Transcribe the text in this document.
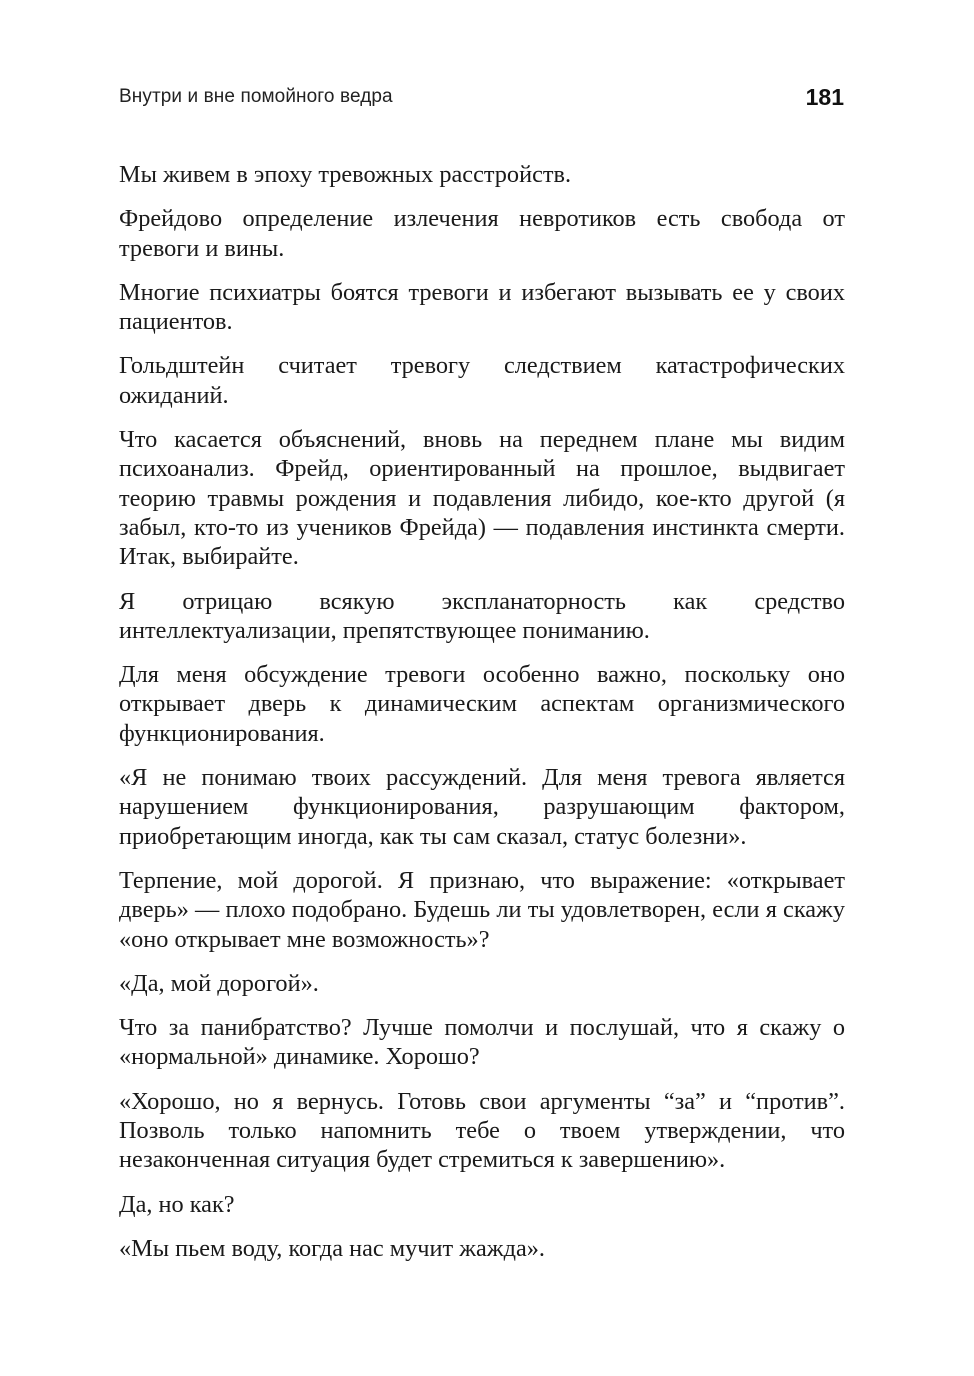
Внутри и вне помойного ведра	181

Мы живем в эпоху тревожных расстройств.

Фрейдово определение излечения невротиков есть свобода от тревоги и вины.

Многие психиатры боятся тревоги и избегают вызывать ее у своих пациентов.

Гольдштейн считает тревогу следствием катастрофических ожиданий.

Что касается объяснений, вновь на переднем плане мы видим психоанализ. Фрейд, ориентированный на прошлое, выдвигает теорию травмы рождения и подавления либидо, кое-кто другой (я забыл, кто-то из учеников Фрейда) — подавления инстинкта смерти. Итак, выбирайте.

Я отрицаю всякую экспланаторность как средство интеллектуализации, препятствующее пониманию.

Для меня обсуждение тревоги особенно важно, поскольку оно открывает дверь к динамическим аспектам организмического функционирования.

«Я не понимаю твоих рассуждений. Для меня тревога является нарушением функционирования, разрушающим фактором, приобретающим иногда, как ты сам сказал, статус болезни».

Терпение, мой дорогой. Я признаю, что выражение: «открывает дверь» — плохо подобрано. Будешь ли ты удовлетворен, если я скажу «оно открывает мне возможность»?

«Да, мой дорогой».

Что за панибратство? Лучше помолчи и послушай, что я скажу о «нормальной» динамике. Хорошо?

«Хорошо, но я вернусь. Готовь свои аргументы “за” и “против”. Позволь только напомнить тебе о твоем утверждении, что незаконченная ситуация будет стремиться к завершению».

Да, но как?

«Мы пьем воду, когда нас мучит жажда».
